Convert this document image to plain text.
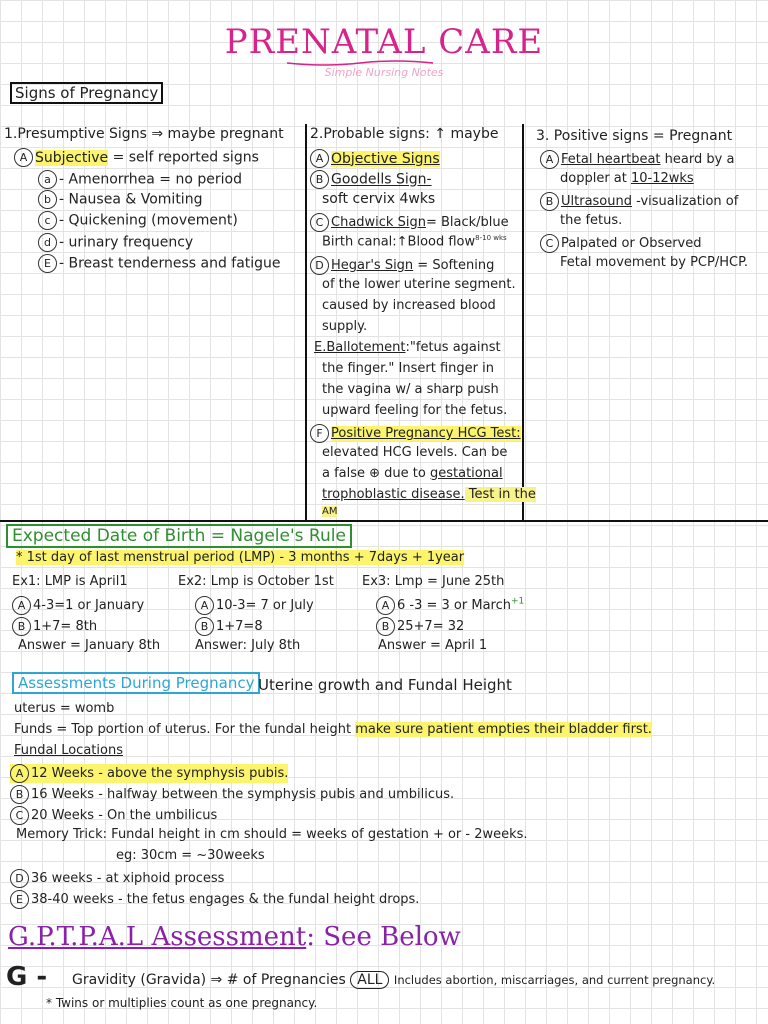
PRENATAL CARE
Simple Nursing Notes
Signs of Pregnancy
1.Presumptive Signs ⇒ maybe pregnant
A Subjective = self reported signs
a - Amenorrhea = no period
b - Nausea & Vomiting
c - Quickening (movement)
d - urinary frequency
E - Breast tenderness and fatigue
2.Probable signs: ↑ maybe
A Objective Signs
B Goodells Sign-
soft cervix 4wks
C Chadwick Sign= Black/blue
Birth canal:↑Blood flow$^{8-10 wks}$
D Hegar's Sign = Softening
of the lower uterine segment.
caused by increased blood
supply.
E.Ballotement:"fetus against
the finger." Insert finger in
the vagina w/ a sharp push
upward feeling for the fetus.
F Positive Pregnancy HCG Test:
elevated HCG levels. Can be
a false ⊕ due to gestational
trophoblastic disease. Test in the
AM
3. Positive signs = Pregnant
A Fetal heartbeat heard by a
doppler at 10-12wks
B Ultrasound -visualization of
the fetus.
C Palpated or Observed
Fetal movement by PCP/HCP.
Expected Date of Birth = Nagele's Rule
* 1st day of last menstrual period (LMP) - 3 months + 7days + 1year
Ex1: LMP is April1
A 4-3=1 or January
B 1+7= 8th
Answer = January 8th
Ex2: Lmp is October 1st
A 10-3= 7 or July
B 1+7=8
Answer: July 8th
Ex3: Lmp = June 25th
A 6 -3 = 3 or March$^{+1}$
B 25+7= 32
Answer = April 1
Assessments During Pregnancy Uterine growth and Fundal Height
uterus = womb
Funds = Top portion of uterus. For the fundal height make sure patient empties their bladder first.
Fundal Locations
A 12 Weeks - above the symphysis pubis.
B 16 Weeks - halfway between the symphysis pubis and umbilicus.
C 20 Weeks - On the umbilicus
Memory Trick: Fundal height in cm should = weeks of gestation + or - 2weeks.
eg: 30cm = ~30weeks
D 36 weeks - at xiphoid process
E 38-40 weeks - the fetus engages & the fundal height drops.
G.P.T.P.A.L Assessment: See Below
G - Gravidity (Gravida) ⇒ # of Pregnancies ALL Includes abortion, miscarriages, and current pregnancy.
* Twins or multiplies count as one pregnancy.
